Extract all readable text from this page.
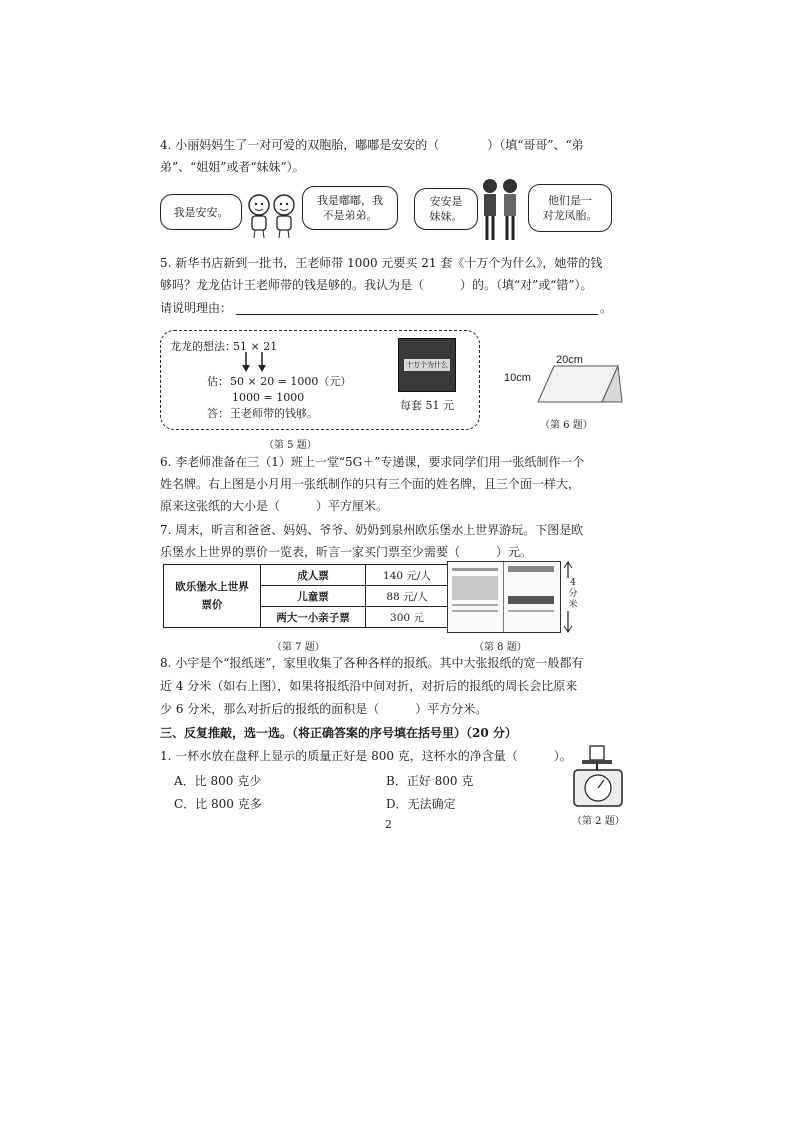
4. 小丽妈妈生了一对可爱的双胞胎，嘟嘟是安安的（　　　　）（填“哥哥”、“弟
弟”、“姐姐”或者“妹妹”）。
我是安安。
我是嘟嘟，我
不是弟弟。
安安是
妹妹。
他们是一
对龙凤胎。
5. 新华书店新到一批书，王老师带 1000 元要买 21 套《十万个为什么》，她带的钱
够吗？龙龙估计王老师带的钱是够的。我认为是（　　　）的。（填“对”或“错”）。
请说明理由：	。
龙龙的想法：
51 × 21
估： 50 × 20 = 1000（元）
1000 = 1000
答： 王老师带的钱够。
十万个为什么
每套 51 元
（第 5 题）
20cm
10cm
（第 6 题）
6. 李老师准备在三（1）班上一堂“5G＋”专递课，要求同学们用一张纸制作一个
姓名牌。右上图是小月用一张纸制作的只有三个面的姓名牌，且三个面一样大，
原来这张纸的大小是（　　　）平方厘米。
7. 周末，昕言和爸爸、妈妈、爷爷、奶奶到泉州欧乐堡水上世界游玩。下图是欧
乐堡水上世界的票价一览表，昕言一家买门票至少需要（　　　）元。
欧乐堡水上世界
票价	成人票	140 元/人
	儿童票	88 元/人
	两大一小亲子票	300 元
（第 7 题）
4分米
（第 8 题）
8. 小宇是个“报纸迷”，家里收集了各种各样的报纸。其中大张报纸的宽一般都有
近 4 分米（如右上图），如果将报纸沿中间对折，对折后的报纸的周长会比原来
少 6 分米，那么对折后的报纸的面积是（　　　）平方分米。
三、反复推敲，选一选。（将正确答案的序号填在括号里）（20 分）
1. 一杯水放在盘秤上显示的质量正好是 800 克，这杯水的净含量（　　　）。
A．比 800 克少	B．正好 800 克
C．比 800 克多	D．无法确定
（第 2 题）
2
